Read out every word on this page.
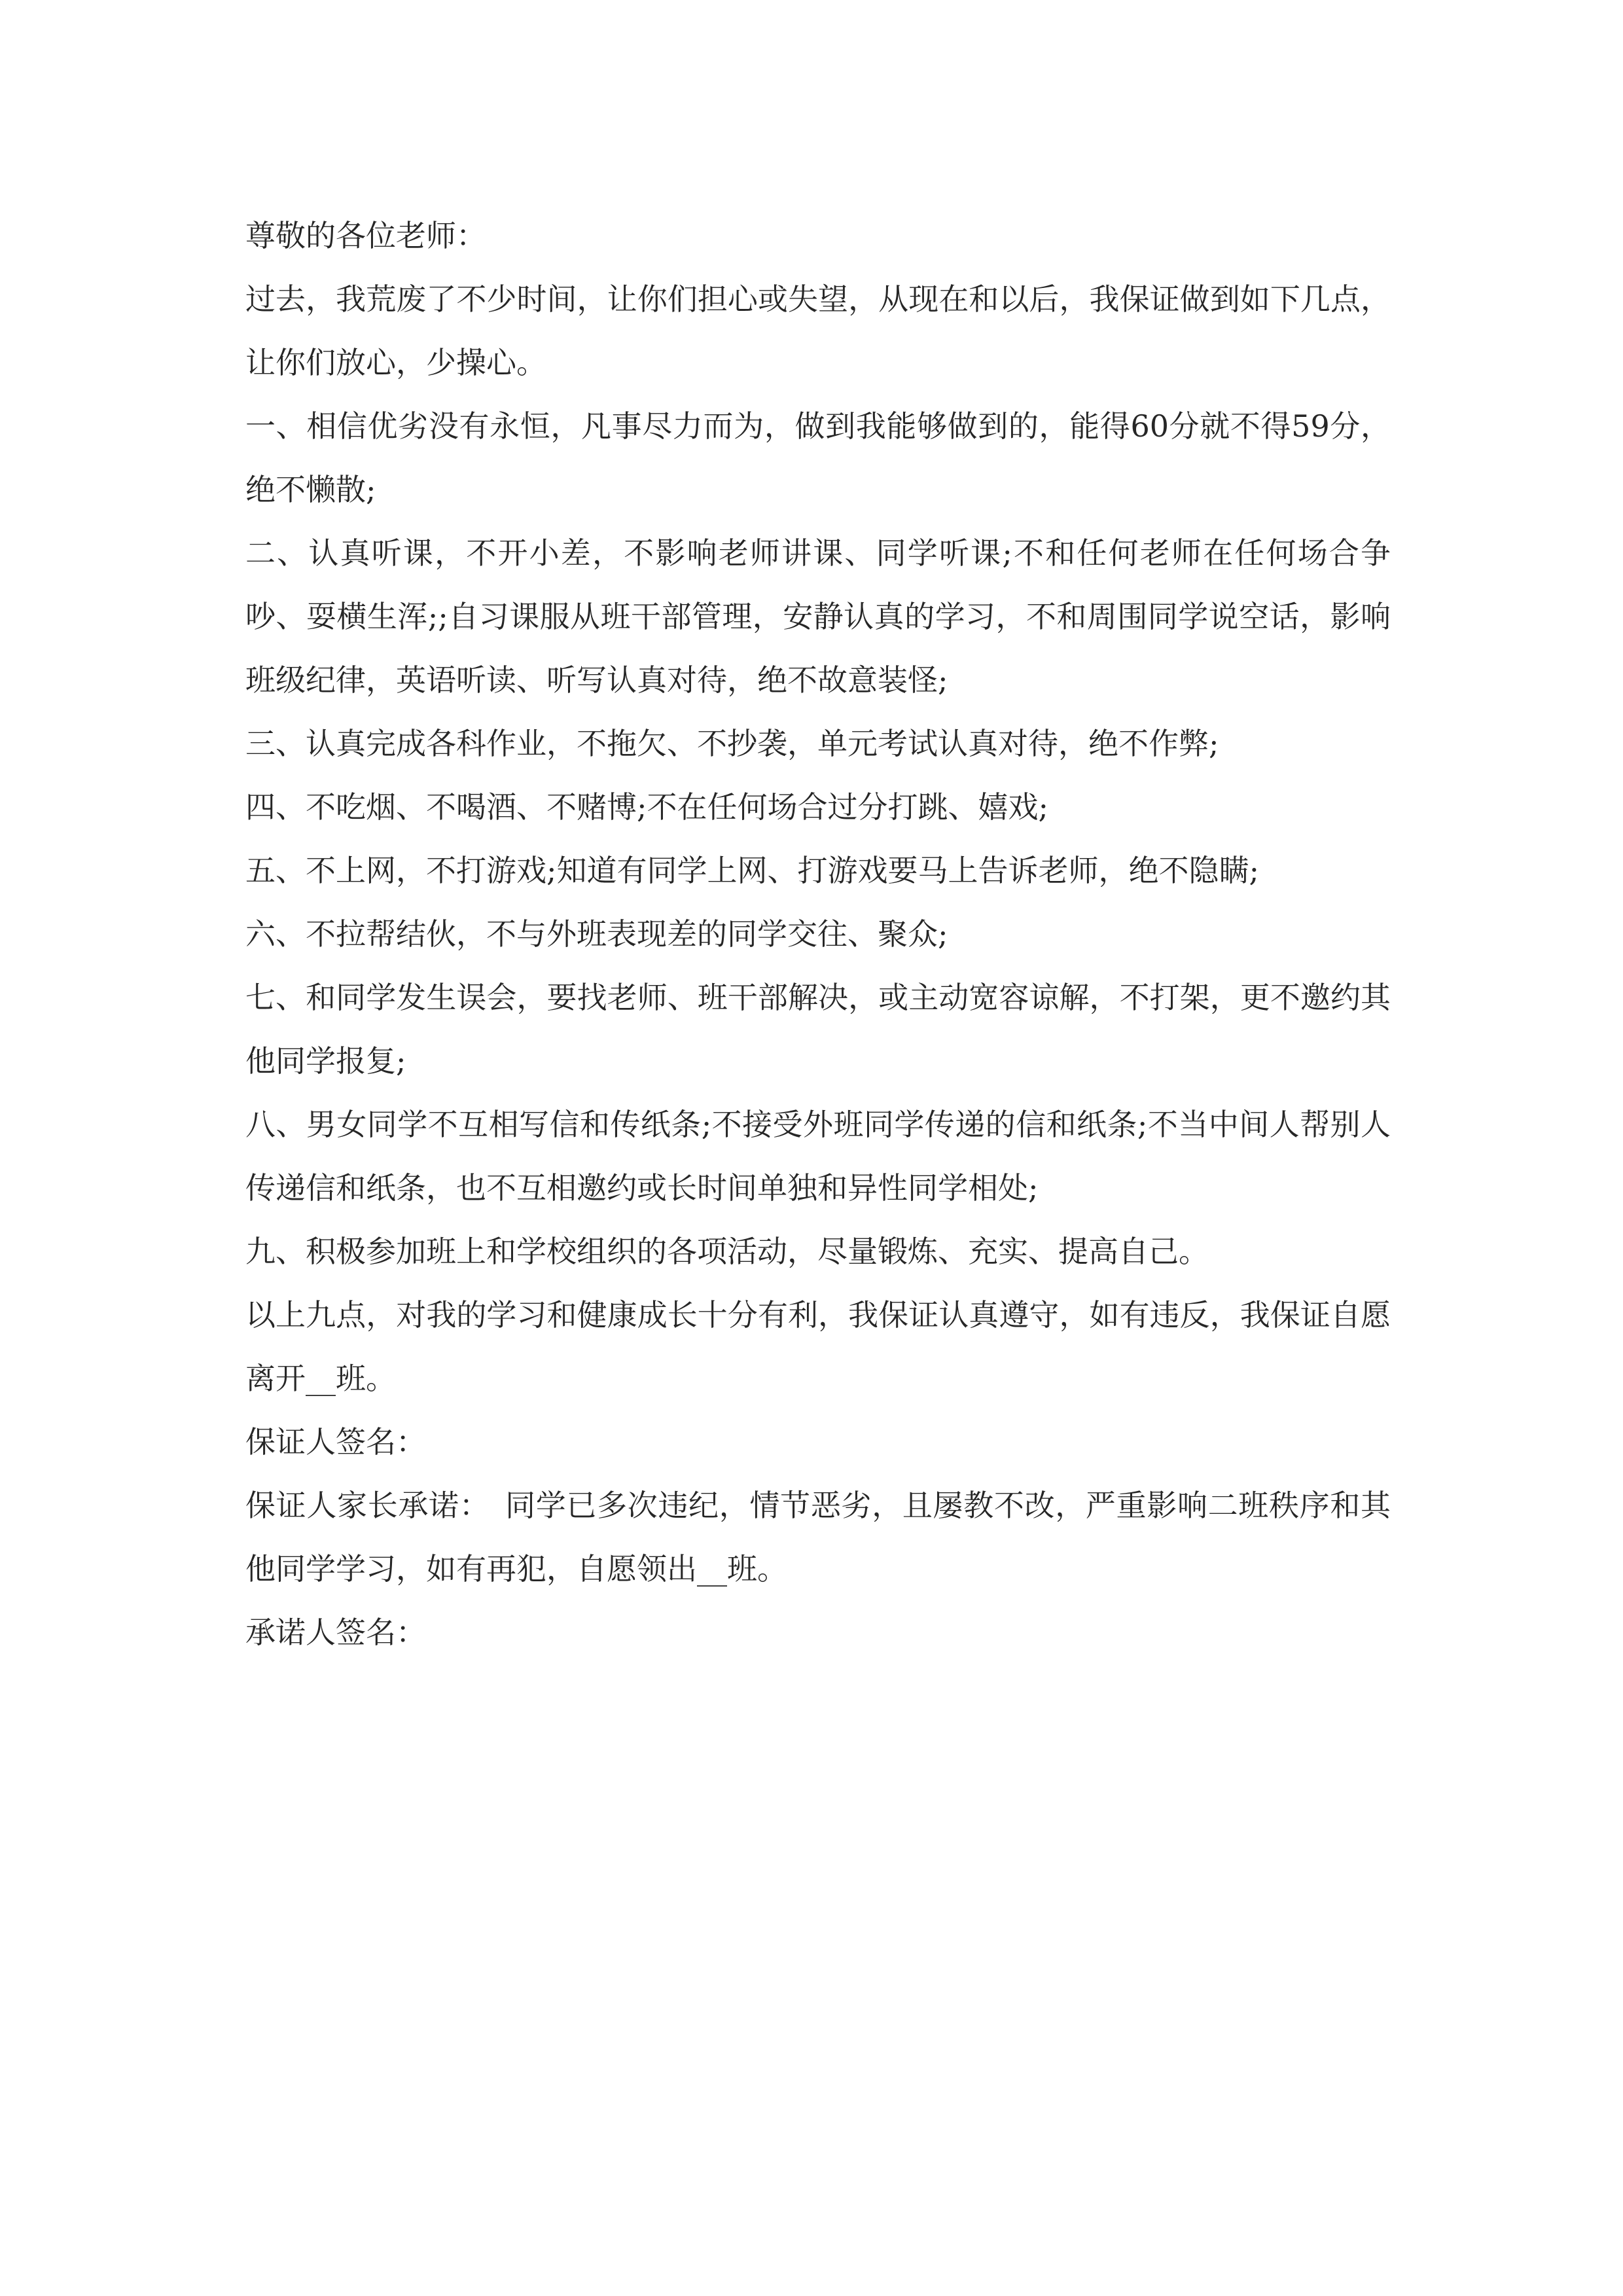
尊敬的各位老师：

过去，我荒废了不少时间，让你们担心或失望，从现在和以后，我保证做到如下几点，让你们放心，少操心。

一、相信优劣没有永恒，凡事尽力而为，做到我能够做到的，能得60分就不得59分，绝不懒散;

二、认真听课，不开小差，不影响老师讲课、同学听课;不和任何老师在任何场合争吵、耍横生浑;;自习课服从班干部管理，安静认真的学习，不和周围同学说空话，影响班级纪律，英语听读、听写认真对待，绝不故意装怪;

三、认真完成各科作业，不拖欠、不抄袭，单元考试认真对待，绝不作弊;

四、不吃烟、不喝酒、不赌博;不在任何场合过分打跳、嬉戏;

五、不上网，不打游戏;知道有同学上网、打游戏要马上告诉老师，绝不隐瞒;

六、不拉帮结伙，不与外班表现差的同学交往、聚众;

七、和同学发生误会，要找老师、班干部解决，或主动宽容谅解，不打架，更不邀约其他同学报复;

八、男女同学不互相写信和传纸条;不接受外班同学传递的信和纸条;不当中间人帮别人传递信和纸条，也不互相邀约或长时间单独和异性同学相处;

九、积极参加班上和学校组织的各项活动，尽量锻炼、充实、提高自己。

以上九点，对我的学习和健康成长十分有利，我保证认真遵守，如有违反，我保证自愿离开__班。

保证人签名：

保证人家长承诺：　同学已多次违纪，情节恶劣，且屡教不改，严重影响二班秩序和其他同学学习，如有再犯，自愿领出__班。

承诺人签名：
